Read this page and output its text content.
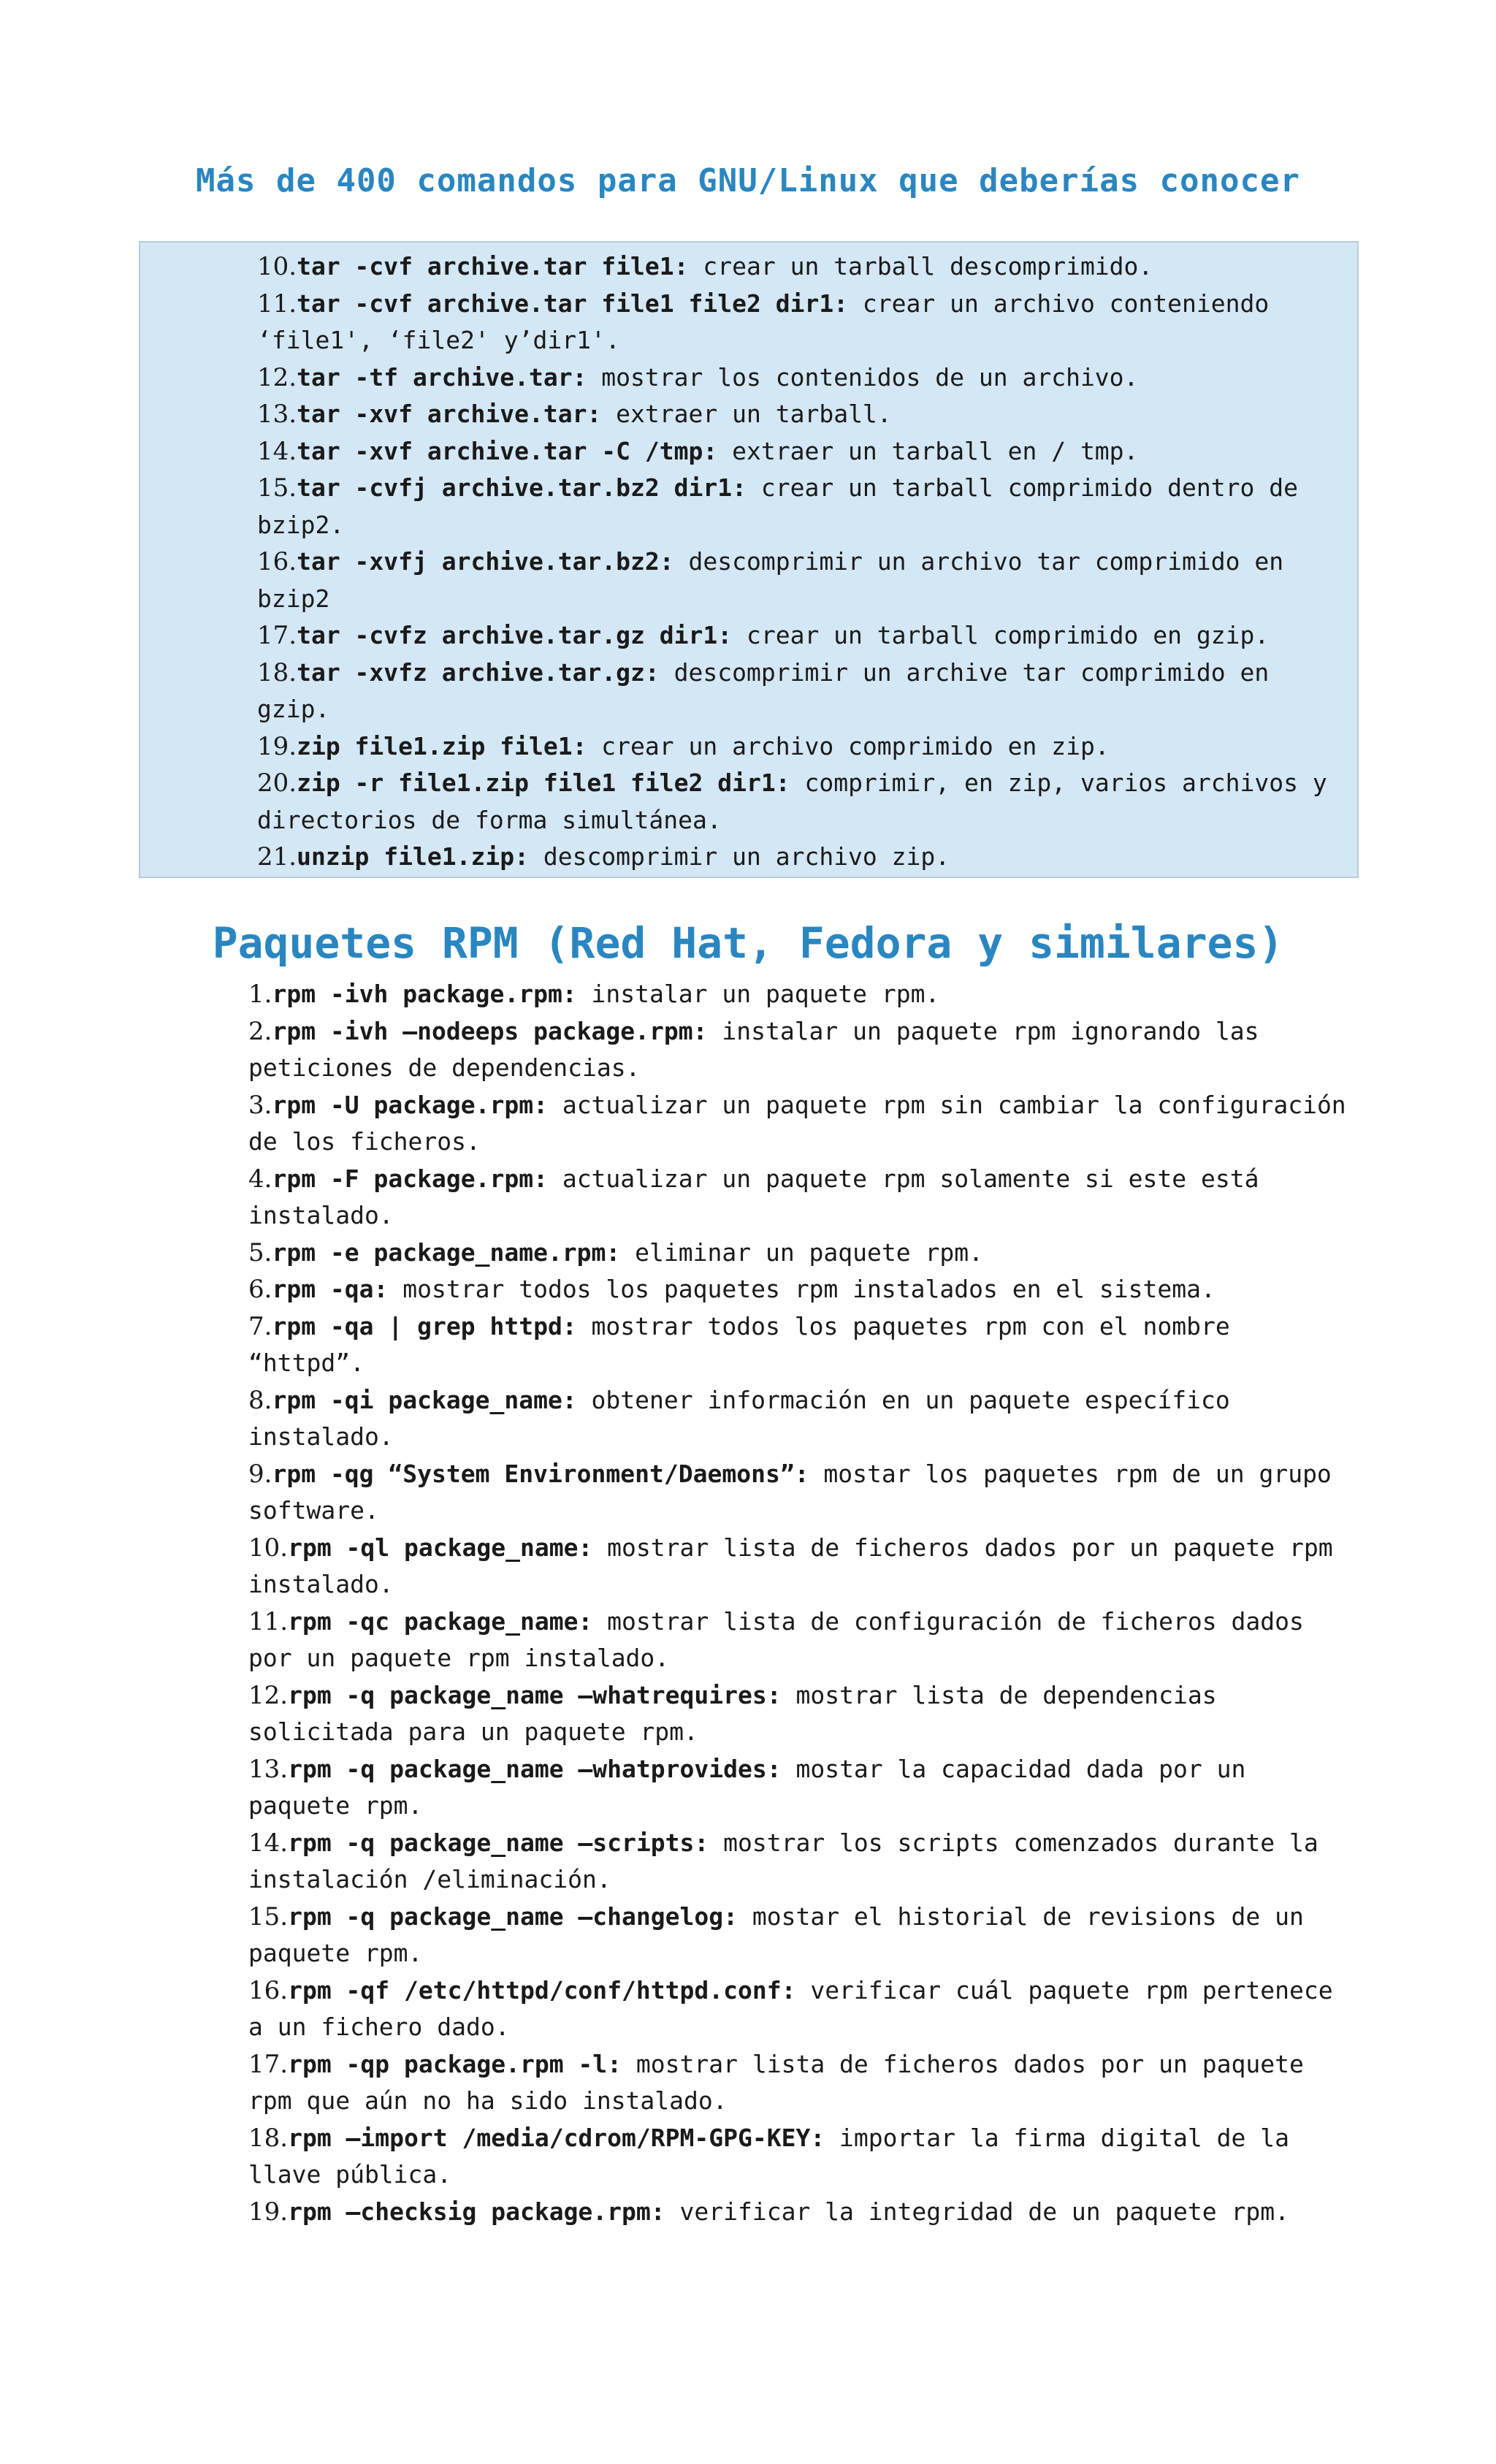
Más de 400 comandos para GNU/Linux que deberías conocer
10.tar -cvf archive.tar file1: crear un tarball descomprimido.
11.tar -cvf archive.tar file1 file2 dir1: crear un archivo conteniendo ‘file1', ‘file2' y’dir1'.
12.tar -tf archive.tar: mostrar los contenidos de un archivo.
13.tar -xvf archive.tar: extraer un tarball.
14.tar -xvf archive.tar -C /tmp: extraer un tarball en / tmp.
15.tar -cvfj archive.tar.bz2 dir1: crear un tarball comprimido dentro de bzip2.
16.tar -xvfj archive.tar.bz2: descomprimir un archivo tar comprimido en bzip2
17.tar -cvfz archive.tar.gz dir1: crear un tarball comprimido en gzip.
18.tar -xvfz archive.tar.gz: descomprimir un archive tar comprimido en gzip.
19.zip file1.zip file1: crear un archivo comprimido en zip.
20.zip -r file1.zip file1 file2 dir1: comprimir, en zip, varios archivos y directorios de forma simultánea.
21.unzip file1.zip: descomprimir un archivo zip.
Paquetes RPM (Red Hat, Fedora y similares)
1.rpm -ivh package.rpm: instalar un paquete rpm.
2.rpm -ivh –nodeeps package.rpm: instalar un paquete rpm ignorando las peticiones de dependencias.
3.rpm -U package.rpm: actualizar un paquete rpm sin cambiar la configuración de los ficheros.
4.rpm -F package.rpm: actualizar un paquete rpm solamente si este está instalado.
5.rpm -e package_name.rpm: eliminar un paquete rpm.
6.rpm -qa: mostrar todos los paquetes rpm instalados en el sistema.
7.rpm -qa | grep httpd: mostrar todos los paquetes rpm con el nombre “httpd”.
8.rpm -qi package_name: obtener información en un paquete específico instalado.
9.rpm -qg “System Environment/Daemons”: mostar los paquetes rpm de un grupo software.
10.rpm -ql package_name: mostrar lista de ficheros dados por un paquete rpm instalado.
11.rpm -qc package_name: mostrar lista de configuración de ficheros dados por un paquete rpm instalado.
12.rpm -q package_name –whatrequires: mostrar lista de dependencias solicitada para un paquete rpm.
13.rpm -q package_name –whatprovides: mostar la capacidad dada por un paquete rpm.
14.rpm -q package_name –scripts: mostrar los scripts comenzados durante la instalación /eliminación.
15.rpm -q package_name –changelog: mostar el historial de revisions de un paquete rpm.
16.rpm -qf /etc/httpd/conf/httpd.conf: verificar cuál paquete rpm pertenece a un fichero dado.
17.rpm -qp package.rpm -l: mostrar lista de ficheros dados por un paquete rpm que aún no ha sido instalado.
18.rpm –import /media/cdrom/RPM-GPG-KEY: importar la firma digital de la llave pública.
19.rpm –checksig package.rpm: verificar la integridad de un paquete rpm.
